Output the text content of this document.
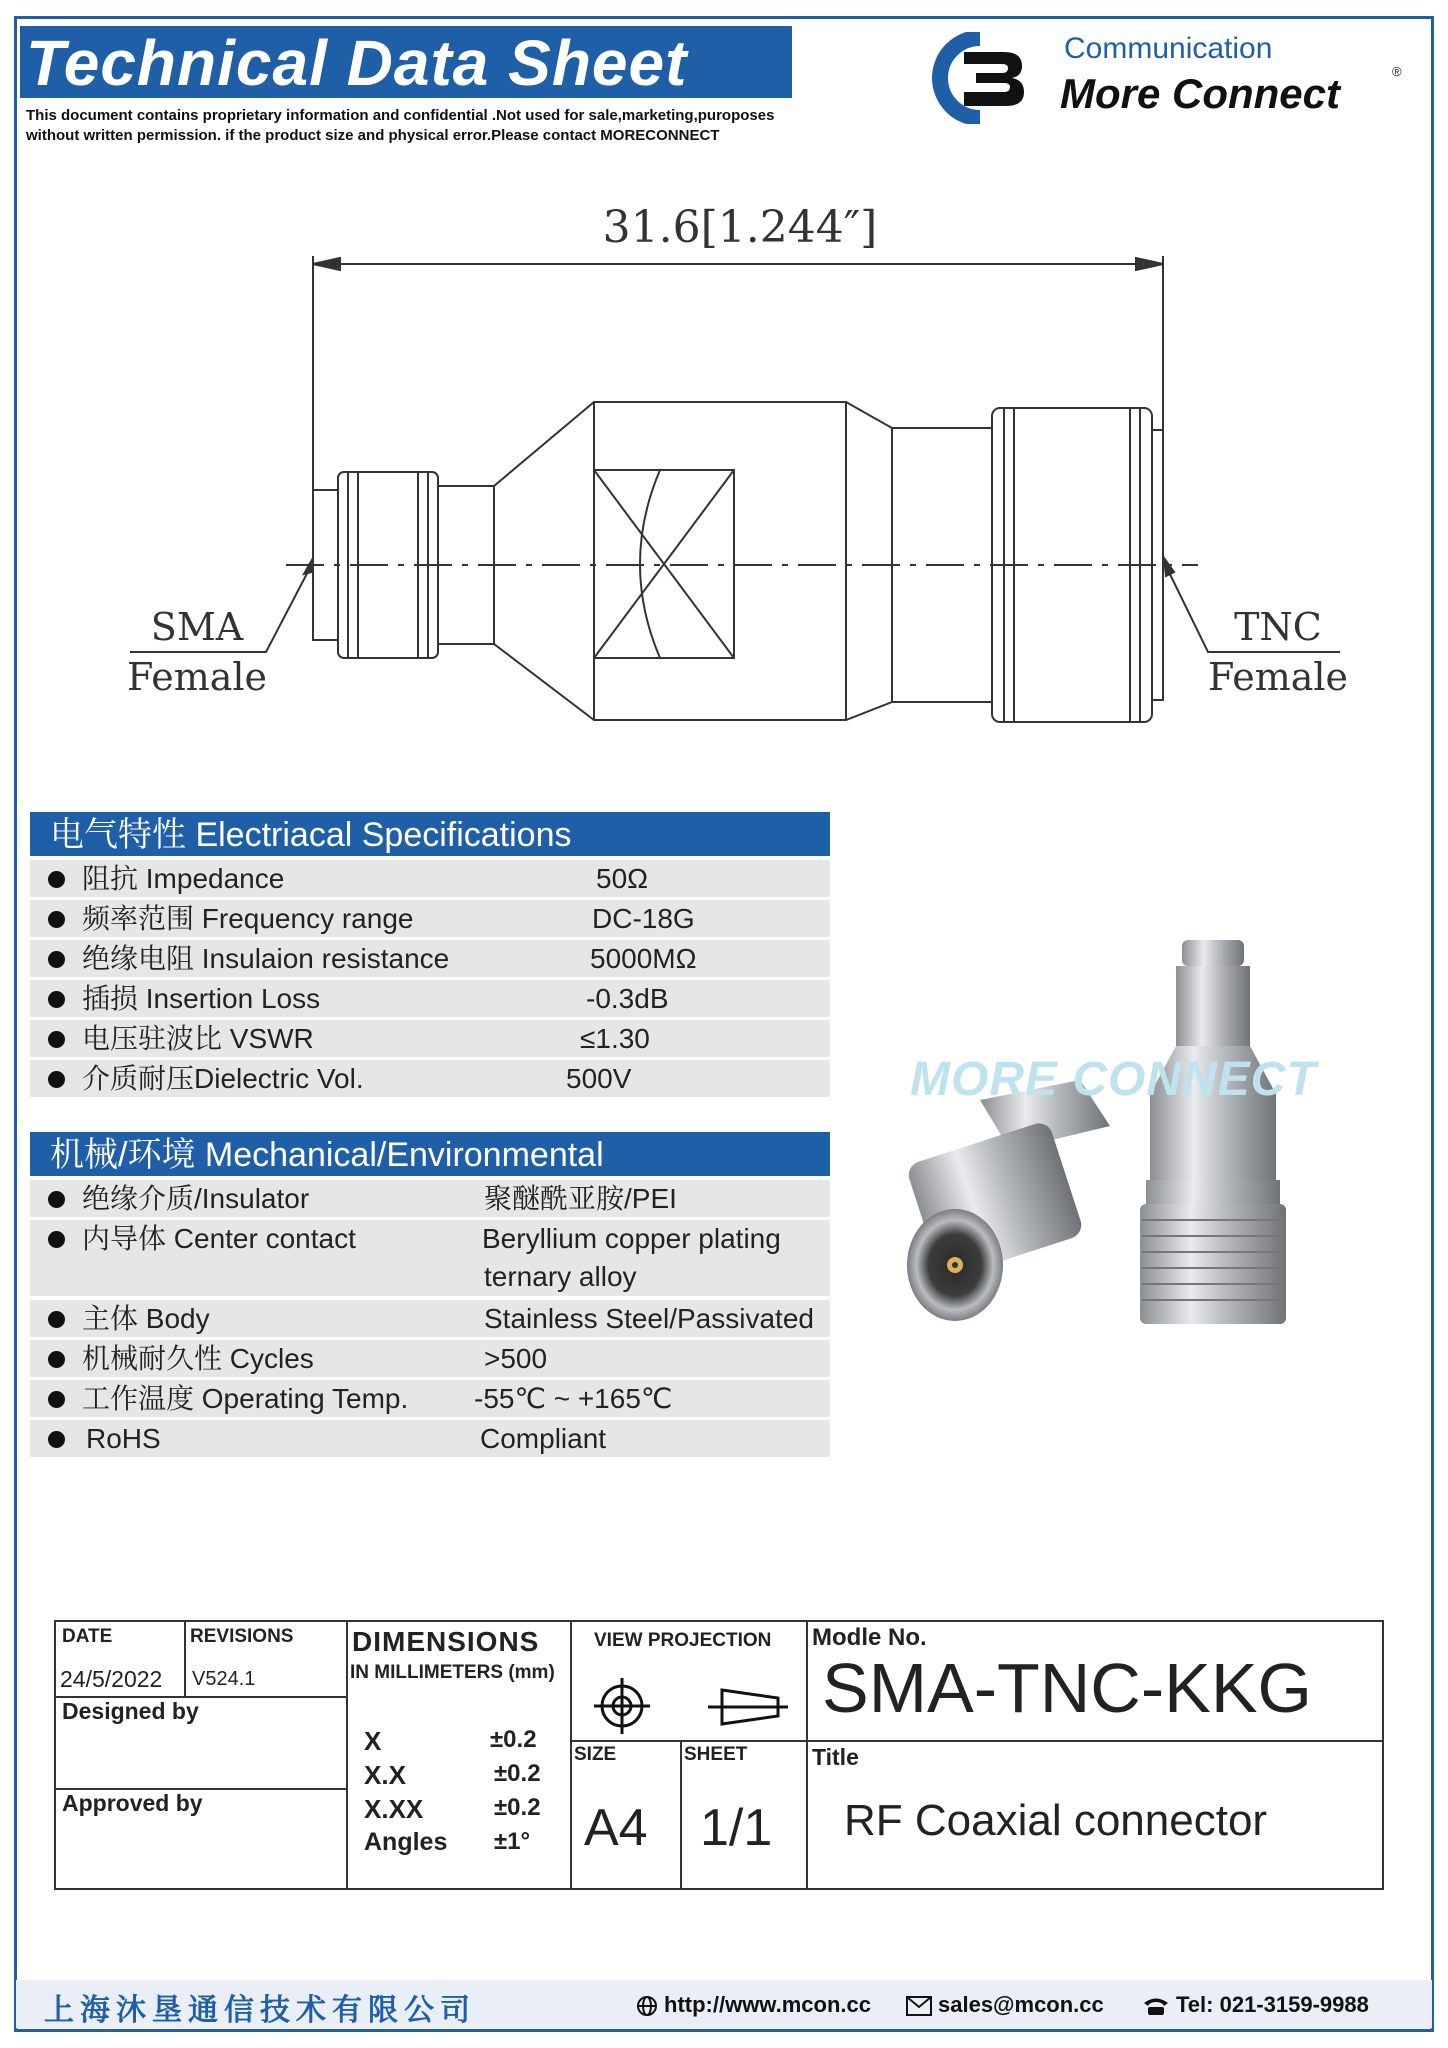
Technical Data Sheet
This document contains proprietary information and confidential .Not used for sale,marketing,puroposes
without written permission. if the product size and physical error.Please contact MORECONNECT
Communication
More Connect	®
31.6[1.244″]
SMA
Female
TNC
Female
电气特性 Electriacal Specifications
阻抗 Impedance	50Ω
频率范围 Frequency range	DC-18G
绝缘电阻 Insulaion resistance	5000MΩ
插损 Insertion Loss	-0.3dB
电压驻波比 VSWR	≤1.30
介质耐压Dielectric Vol.	500V
机械/环境 Mechanical/Environmental
绝缘介质/Insulator	聚醚酰亚胺/PEI
内导体 Center contact	Beryllium copper plating
ternary alloy
主体 Body	Stainless Steel/Passivated
机械耐久性 Cycles	>500
工作温度 Operating Temp. -55℃ ~ +165℃
RoHS	Compliant
MORE CONNECT
DATE
24/5/2022
REVISIONS
V524.1
Designed by
Approved by
DIMENSIONS
IN MILLIMETERS (mm)
X	±0.2
X.X	±0.2
X.XX	±0.2
Angles ±1°
VIEW PROJECTION
SIZE
A4
SHEET
1/1
Modle No.
SMA-TNC-KKG
Title
RF Coaxial connector
上海沐垦通信技术有限公司	http://www.mcon.cc	sales@mcon.cc	Tel: 021-3159-9988
